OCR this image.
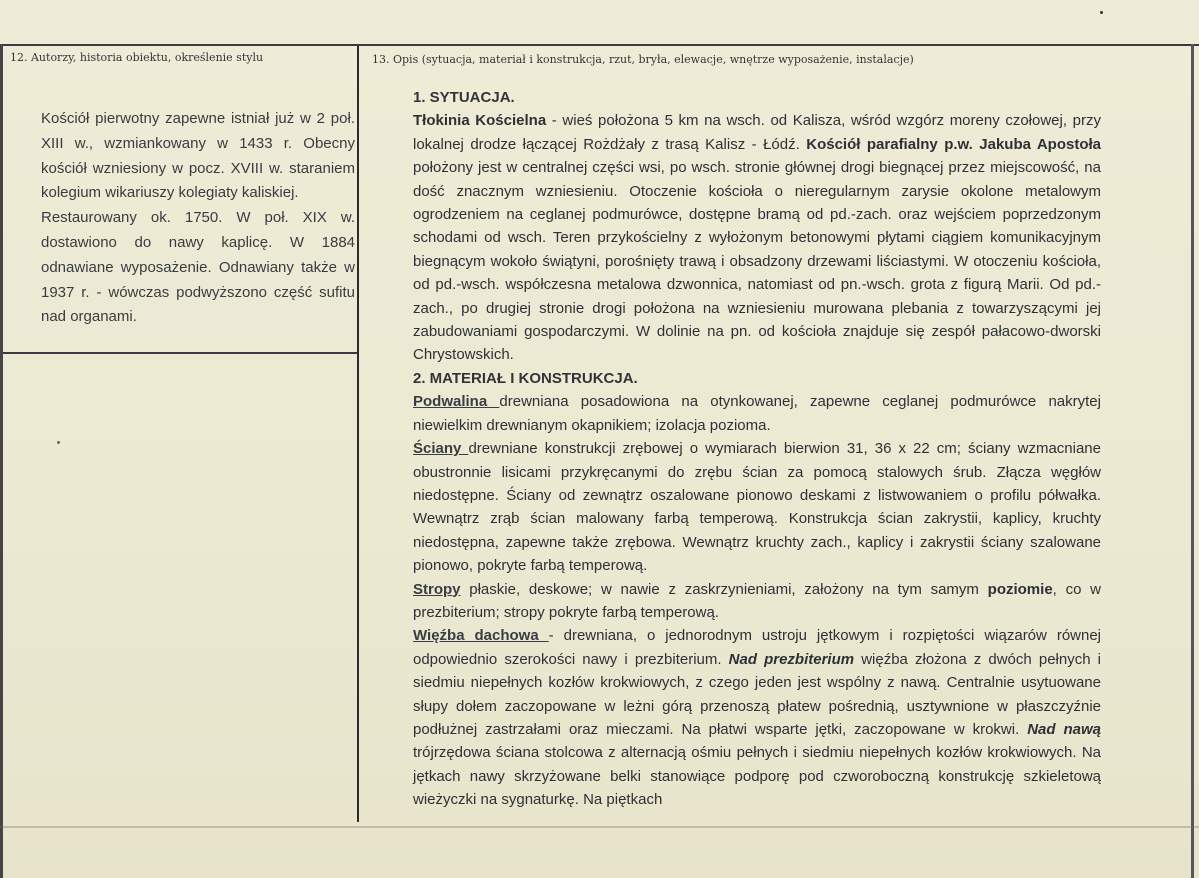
12. Autorzy, historia obiektu, określenie stylu	13. Opis (sytuacja, materiał i konstrukcja, rzut, bryła, elewacje, wnętrze wyposażenie, instalacje)

Kościół pierwotny zapewne istniał już w 2 poł. XIII w., wzmiankowany w 1433 r. Obecny kościół wzniesiony w pocz. XVIII w. staraniem kolegium wikariuszy kolegiaty kaliskiej.

Restaurowany ok. 1750. W poł. XIX w. dostawiono do nawy kaplicę. W 1884 odnawiane wyposażenie. Odnawiany także w 1937 r. - wówczas podwyższono część sufitu nad organami.

1. SYTUACJA.

Tłokinia Kościelna - wieś położona 5 km na wsch. od Kalisza, wśród wzgórz moreny czołowej, przy lokalnej drodze łączącej Rożdżały z trasą Kalisz - Łódź. Kościół parafialny p.w. Jakuba Apostoła położony jest w centralnej części wsi, po wsch. stronie głównej drogi biegnącej przez miejscowość, na dość znacznym wzniesieniu. Otoczenie kościoła o nieregularnym zarysie okolone metalowym ogrodzeniem na ceglanej podmurówce, dostępne bramą od pd.-zach. oraz wejściem poprzedzonym schodami od wsch. Teren przykościelny z wyłożonym betonowymi płytami ciągiem komunikacyjnym biegnącym wokoło świątyni, porośnięty trawą i obsadzony drzewami liściastymi. W otoczeniu kościoła, od pd.-wsch. współczesna metalowa dzwonnica, natomiast od pn.-wsch. grota z figurą Marii. Od pd.-zach., po drugiej stronie drogi położona na wzniesieniu murowana plebania z towarzyszącymi jej zabudowaniami gospodarczymi. W dolinie na pn. od kościoła znajduje się zespół pałacowo-dworski Chrystowskich.

2. MATERIAŁ I KONSTRUKCJA.

Podwalina drewniana posadowiona na otynkowanej, zapewne ceglanej podmurówce nakrytej niewielkim drewnianym okapnikiem; izolacja pozioma.

Ściany drewniane konstrukcji zrębowej o wymiarach bierwion 31, 36 x 22 cm; ściany wzmacniane obustronnie lisicami przykręcanymi do zrębu ścian za pomocą stalowych śrub. Złącza węgłów niedostępne. Ściany od zewnątrz oszalowane pionowo deskami z listwowaniem o profilu półwałka. Wewnątrz zrąb ścian malowany farbą temperową. Konstrukcja ścian zakrystii, kaplicy, kruchty niedostępna, zapewne także zrębowa. Wewnątrz kruchty zach., kaplicy i zakrystii ściany szalowane pionowo, pokryte farbą temperową.

Stropy płaskie, deskowe; w nawie z zaskrzynieniami, założony na tym samym poziomie, co w prezbiterium; stropy pokryte farbą temperową.

Więźba dachowa - drewniana, o jednorodnym ustroju jętkowym i rozpiętości wiązarów równej odpowiednio szerokości nawy i prezbiterium. Nad prezbiterium więźba złożona z dwóch pełnych i siedmiu niepełnych kozłów krokwiowych, z czego jeden jest wspólny z nawą. Centralnie usytuowane słupy dołem zaczopowane w leżni górą przenoszą płatew pośrednią, usztywnione w płaszczyźnie podłużnej zastrzałami oraz mieczami. Na płatwi wsparte jętki, zaczopowane w krokwi. Nad nawą trójrzędowa ściana stolcowa z alternacją ośmiu pełnych i siedmiu niepełnych kozłów krokwiowych. Na jętkach nawy skrzyżowane belki stanowiące podporę pod czworoboczną konstrukcję szkieletową wieżyczki na sygnaturkę. Na piętkach
